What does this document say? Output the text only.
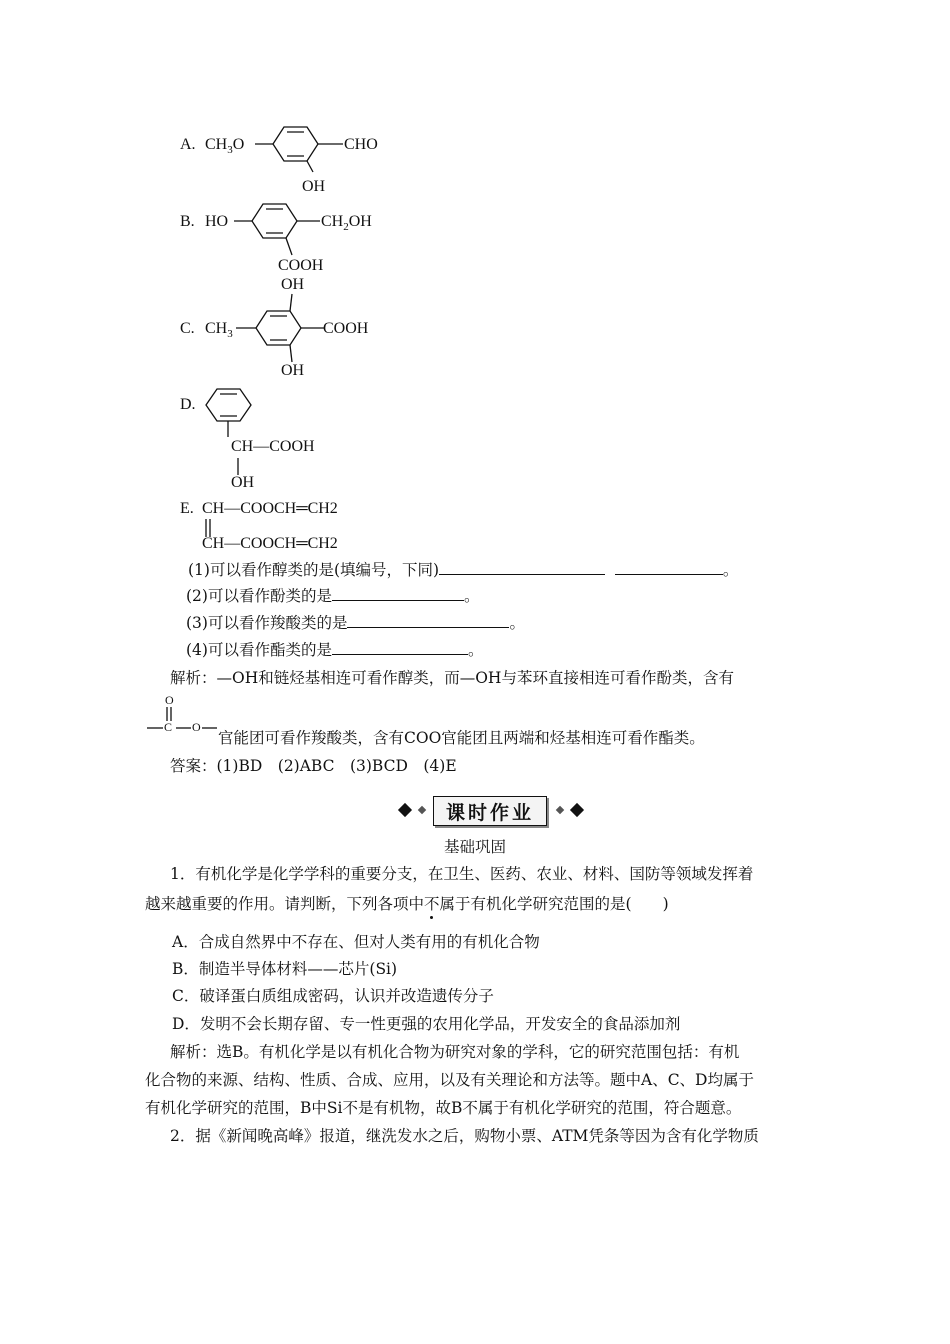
A. $CH_3O$	CHO
OH
B. HO	$CH_2OH$
COOH
OH
C. $CH_3$	COOH
OH
D.
CH—COOH
OH
E. CH—COOCH═CH2
CH—COOCH═CH2
(1)可以看作醇类的是(填编号，下同)	。
(2)可以看作酚类的是	。
(3)可以看作羧酸类的是	。
(4)可以看作酯类的是	。
解析：—OH和链烃基相连可看作醇类，而—OH与苯环直接相连可看作酚类，含有
O
C O
官能团可看作羧酸类，含有COO官能团且两端和烃基相连可看作酯类。
答案：(1)BD　(2)ABC　(3)BCD　(4)E
课时作业
基础巩固
1．有机化学是化学学科的重要分支，在卫生、医药、农业、材料、国防等领域发挥着
越来越重要的作用。请判断，下列各项中不属于有机化学研究范围的是(　　)
A．合成自然界中不存在、但对人类有用的有机化合物
B．制造半导体材料——芯片(Si)
C．破译蛋白质组成密码，认识并改造遗传分子
D．发明不会长期存留、专一性更强的农用化学品，开发安全的食品添加剂
解析：选B。有机化学是以有机化合物为研究对象的学科，它的研究范围包括：有机
化合物的来源、结构、性质、合成、应用，以及有关理论和方法等。题中A、C、D均属于
有机化学研究的范围，B中Si不是有机物，故B不属于有机化学研究的范围，符合题意。
2．据《新闻晚高峰》报道，继洗发水之后，购物小票、ATM凭条等因为含有化学物质
